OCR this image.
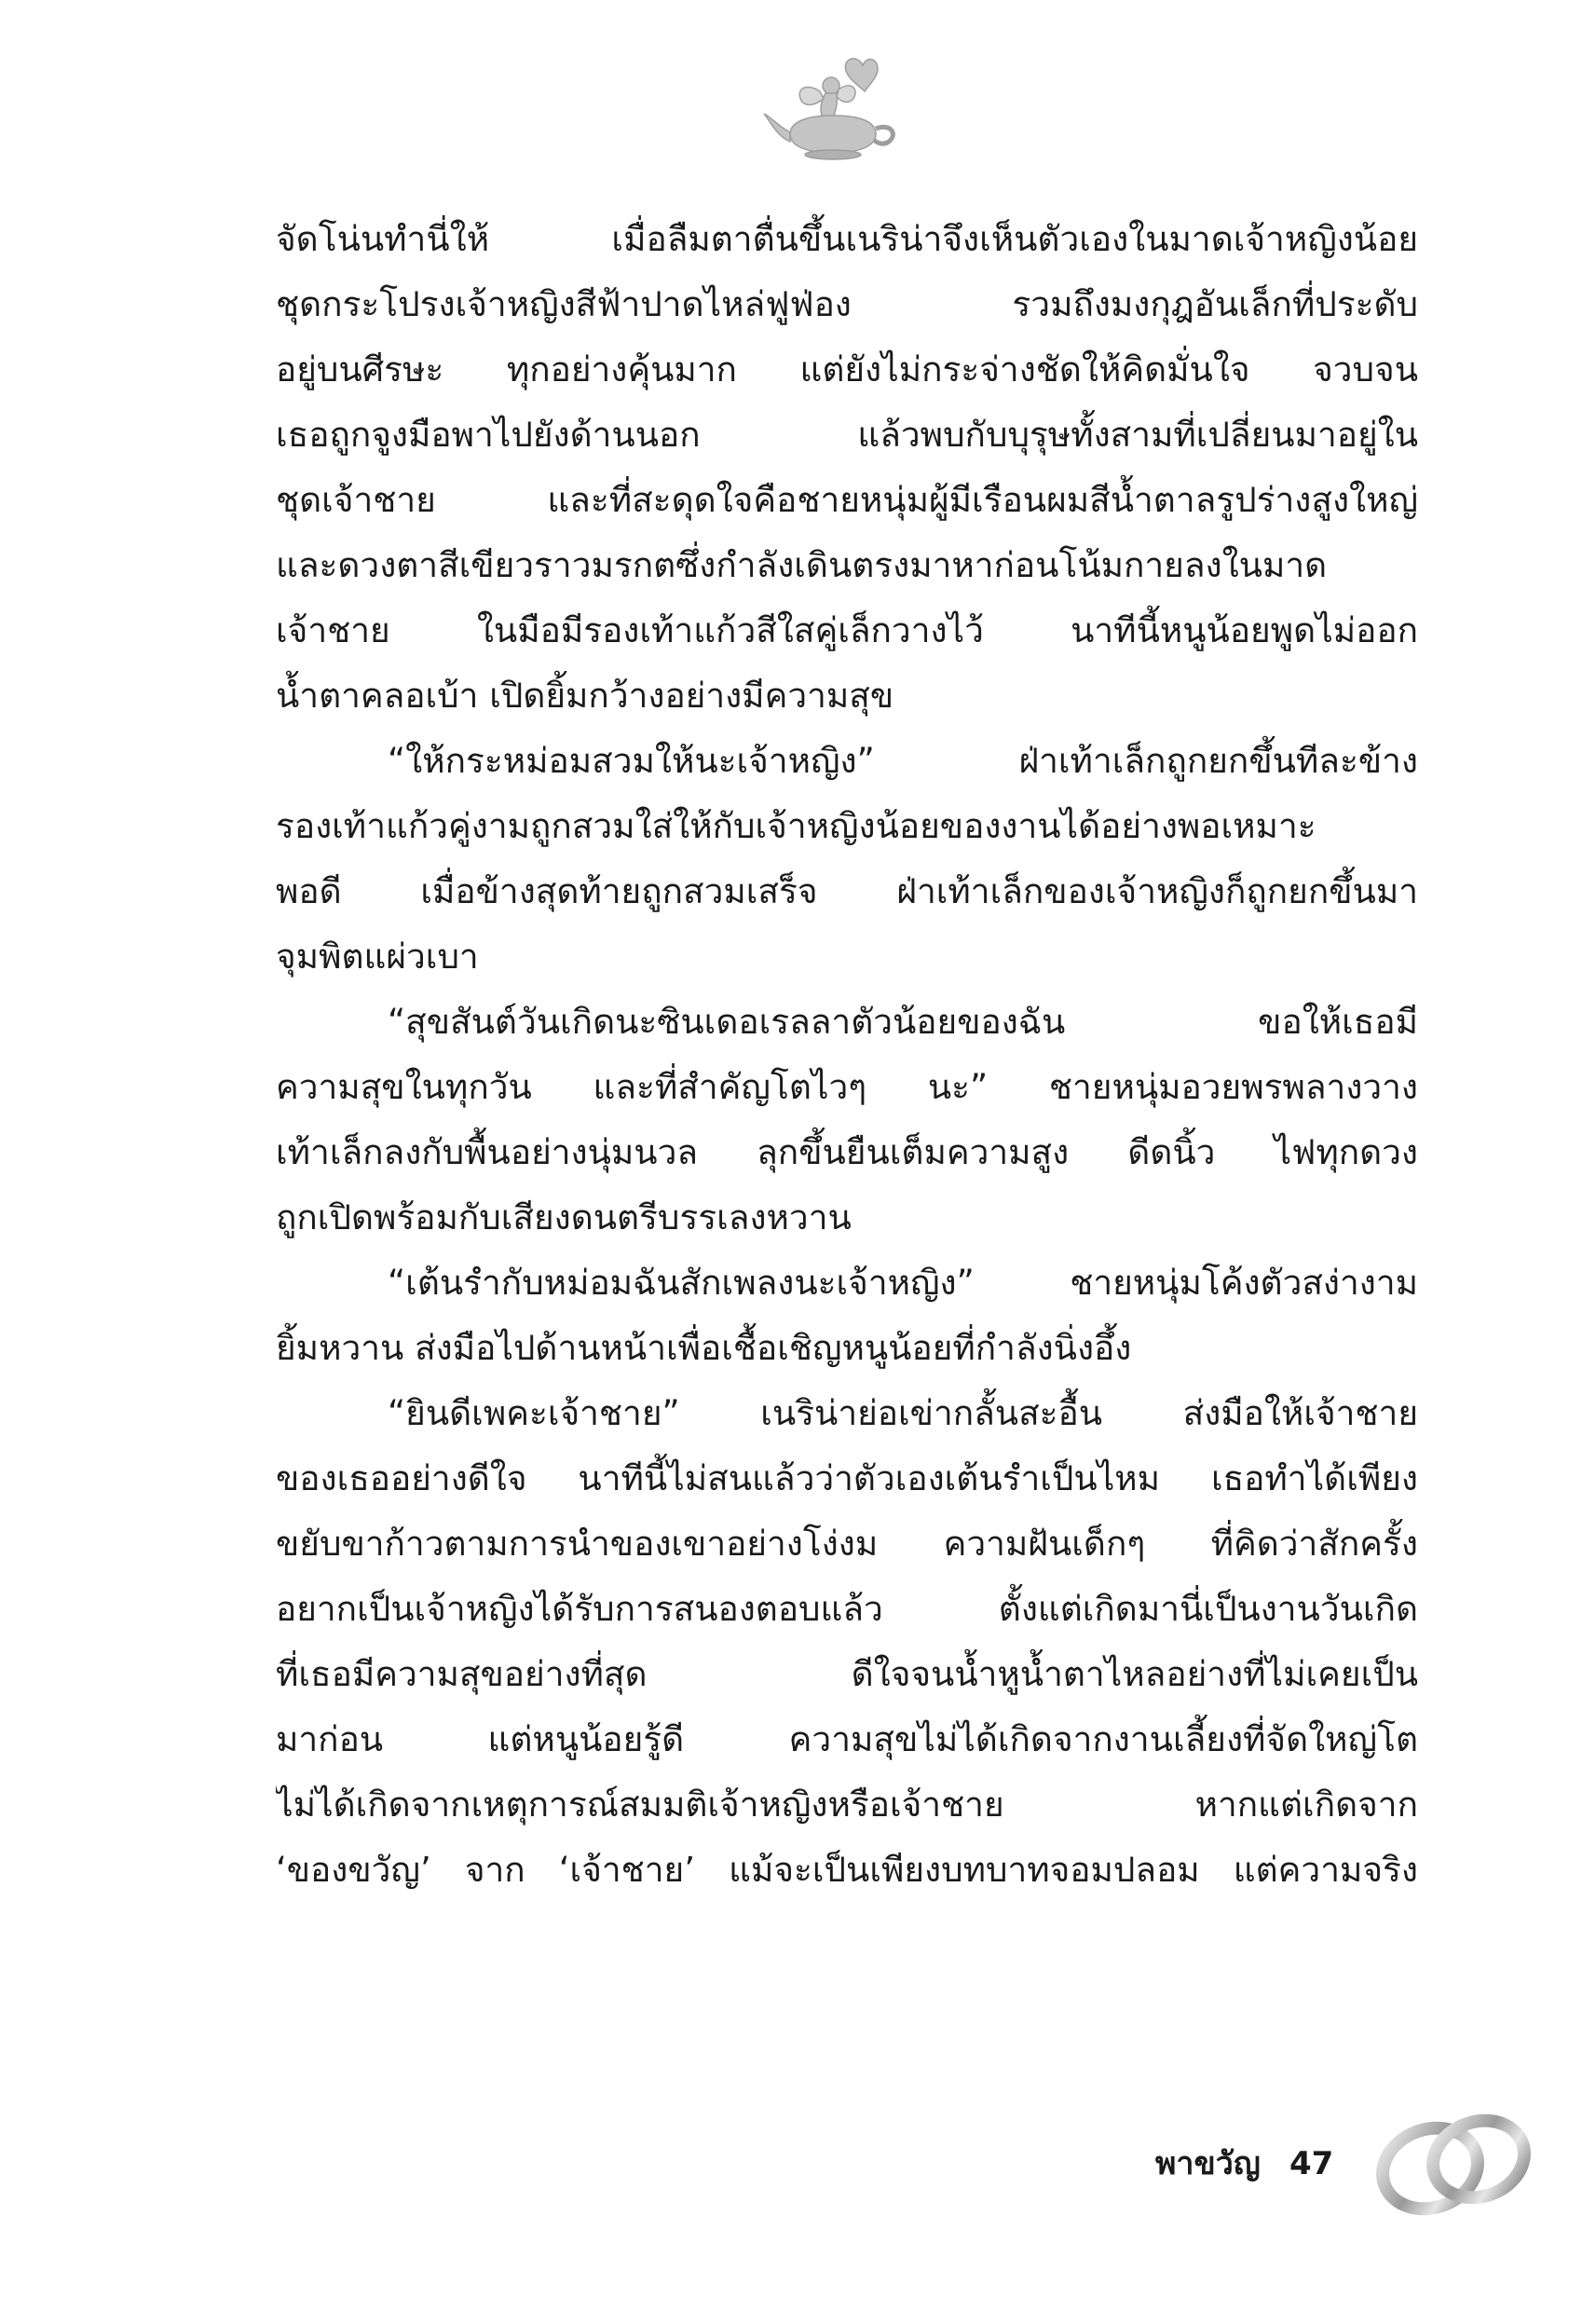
จัดโน่นทำนี่ให้ เมื่อลืมตาตื่นขึ้นเนริน่าจึงเห็นตัวเองในมาดเจ้าหญิงน้อย
ชุดกระโปรงเจ้าหญิงสีฟ้าปาดไหล่ฟูฟ่อง รวมถึงมงกุฎอันเล็กที่ประดับ
อยู่บนศีรษะ ทุกอย่างคุ้นมาก แต่ยังไม่กระจ่างชัดให้คิดมั่นใจ จวบจน
เธอถูกจูงมือพาไปยังด้านนอก แล้วพบกับบุรุษทั้งสามที่เปลี่ยนมาอยู่ใน
ชุดเจ้าชาย และที่สะดุดใจคือชายหนุ่มผู้มีเรือนผมสีน้ำตาลรูปร่างสูงใหญ่
และดวงตาสีเขียวราวมรกตซึ่งกำลังเดินตรงมาหาก่อนโน้มกายลงในมาด
เจ้าชาย ในมือมีรองเท้าแก้วสีใสคู่เล็กวางไว้ นาทีนี้หนูน้อยพูดไม่ออก
น้ำตาคลอเบ้า เปิดยิ้มกว้างอย่างมีความสุข
“ให้กระหม่อมสวมให้นะเจ้าหญิง” ฝ่าเท้าเล็กถูกยกขึ้นทีละข้าง
รองเท้าแก้วคู่งามถูกสวมใส่ให้กับเจ้าหญิงน้อยของงานได้อย่างพอเหมาะ
พอดี เมื่อข้างสุดท้ายถูกสวมเสร็จ ฝ่าเท้าเล็กของเจ้าหญิงก็ถูกยกขึ้นมา
จุมพิตแผ่วเบา
“สุขสันต์วันเกิดนะซินเดอเรลลาตัวน้อยของฉัน ขอให้เธอมี
ความสุขในทุกวัน และที่สำคัญโตไวๆ นะ” ชายหนุ่มอวยพรพลางวาง
เท้าเล็กลงกับพื้นอย่างนุ่มนวล ลุกขึ้นยืนเต็มความสูง ดีดนิ้ว ไฟทุกดวง
ถูกเปิดพร้อมกับเสียงดนตรีบรรเลงหวาน
“เต้นรำกับหม่อมฉันสักเพลงนะเจ้าหญิง” ชายหนุ่มโค้งตัวสง่างาม
ยิ้มหวาน ส่งมือไปด้านหน้าเพื่อเชื้อเชิญหนูน้อยที่กำลังนิ่งอึ้ง
“ยินดีเพคะเจ้าชาย” เนริน่าย่อเข่ากลั้นสะอื้น ส่งมือให้เจ้าชาย
ของเธออย่างดีใจ นาทีนี้ไม่สนแล้วว่าตัวเองเต้นรำเป็นไหม เธอทำได้เพียง
ขยับขาก้าวตามการนำของเขาอย่างโง่งม ความฝันเด็กๆ ที่คิดว่าสักครั้ง
อยากเป็นเจ้าหญิงได้รับการสนองตอบแล้ว ตั้งแต่เกิดมานี่เป็นงานวันเกิด
ที่เธอมีความสุขอย่างที่สุด ดีใจจนน้ำหูน้ำตาไหลอย่างที่ไม่เคยเป็น
มาก่อน แต่หนูน้อยรู้ดี ความสุขไม่ได้เกิดจากงานเลี้ยงที่จัดใหญ่โต
ไม่ได้เกิดจากเหตุการณ์สมมติเจ้าหญิงหรือเจ้าชาย หากแต่เกิดจาก
‘ของขวัญ’ จาก ‘เจ้าชาย’ แม้จะเป็นเพียงบทบาทจอมปลอม แต่ความจริง
พาขวัญ 47
